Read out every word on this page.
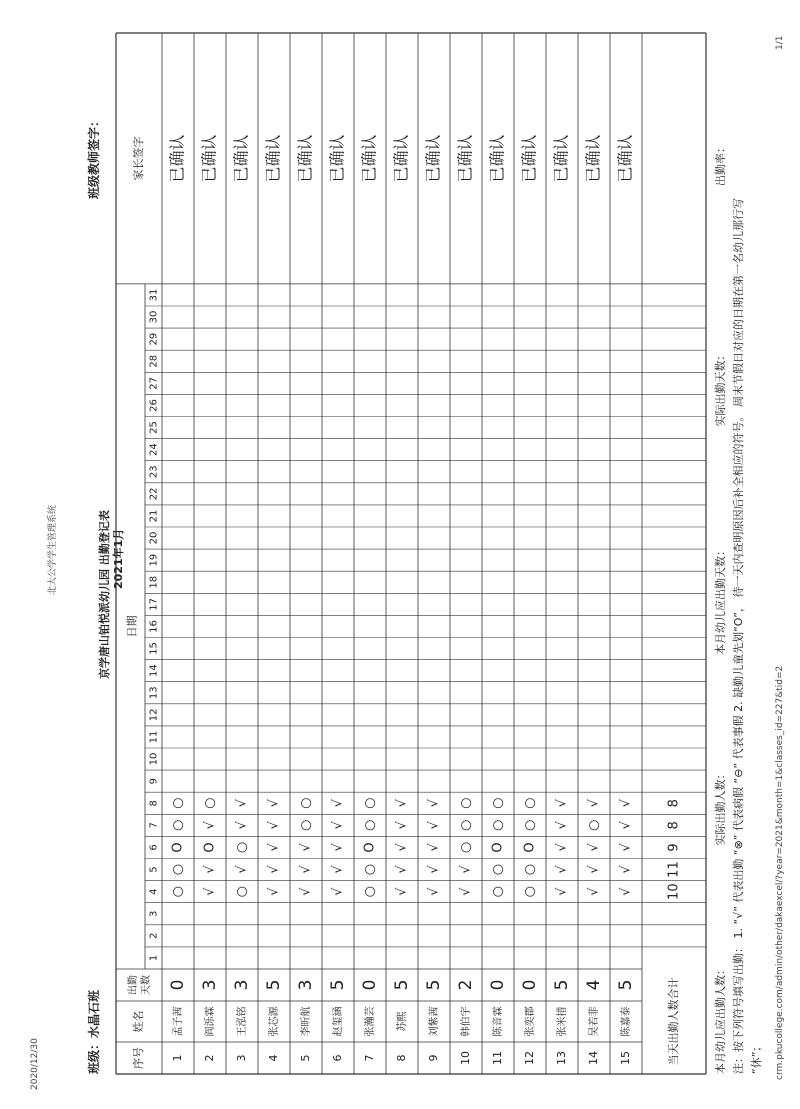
2020/12/30
北大公学学生管理系统
1/1
crm.pkucollege.com/admin/other/dakaexcel/?year=2021&month=1&classes_id=227&tid=2
班级：水晶石班
京学唐山铂悦派幼儿园 出勤登记表 2021年1月
班级教师签字：
序号
姓名
出勤 天数
日期
家长签字
1
2
3
4
5
6
7
8
9
10
11
12
13
14
15
16
17
18
19
20
21
22
23
24
25
26
27
28
29
30
31
1
孟子茜
0
○
○
O
○
○
已确认
2
阎泺霖
3
√
√
O
√
○
已确认
3
王泓铭
3
○
√
○
√
√
已确认
4
张芯源
5
√
√
√
√
√
已确认
5
李昕航
3
√
√
√
○
○
已确认
6
赵玺涵
5
√
√
√
√
√
已确认
7
张瀚芸
0
○
○
O
○
○
已确认
8
苏熙
5
√
√
√
√
√
已确认
9
刘紫茜
5
√
√
√
√
√
已确认
10
韩伯宇
2
√
√
○
○
○
已确认
11
陈音霖
0
○
○
O
○
○
已确认
12
张奕郡
0
○
○
O
○
○
已确认
13
张米措
5
√
√
√
√
√
已确认
14
吴若菲
4
√
√
√
○
√
已确认
15
陈嘉泰
5
√
√
√
√
√
已确认
当天出勤人数合计
10
11
9
8
8
本月幼儿应出勤人数： 实际出勤人数： 本月幼儿应出勤天数： 实际出勤天数： 出勤率：
注：按下列符号填写出勤： 1. “√” 代表出勤 “⊗” 代表病假 “⊖” 代表事假 2. 缺勤儿童先划“O”， 待一天内查明原因后补全相应的符号。 周末节假日对应的日期在第一名幼儿那行写 “休”；
